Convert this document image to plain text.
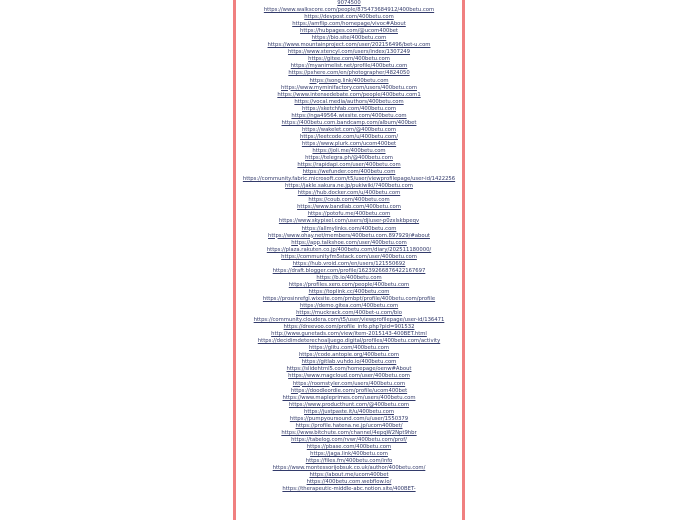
9074500
https://www.walkscore.com/people/875473684912/400betu.com
https://devpost.com/400betu.com
https://amflip.com/homepage/vivoc#About
https://hubpages.com/@ucom400bet
https://bio.site/400betu.com
https://www.mountainproject.com/user/202156496/bet-u.com
https://www.stencyl.com/users/index/1307249
https://gitee.com/400betu.com
https://myanimelist.net/profile/400betu.com
https://pxhere.com/en/photographer/4824050
https://song.link/400betu.com
https://www.myminifactory.com/users/400betu.com
https://www.intensedebate.com/people/400betu.com1
https://vocal.media/authors/400betu.com
https://sketchfab.com/400betu.com
https://nga49564.wixsite.com/400betu.com
https://400betu.com.bandcamp.com/album/400bet
https://wakelet.com/@400betu.com
https://leetcode.com/u/400betu.com/
https://www.plurk.com/ucom400bet
https://joli.me/400betu.com
https://telegra.ph/@400betu.com
https://rapidapi.com/user/400betu.com
https://wefunder.com/400betu.com
https://community.fabric.microsoft.com/t5/user/viewprofilepage/user-id/1422256
https://jakle.sakura.ne.jp/pukiwiki/?400betu.com
https://hub.docker.com/u/400betu.com
https://coub.com/400betu.com
https://www.bandlab.com/400betu.com
https://potofu.me/400betu.com
https://www.skypixel.com/users/djiuser-p0zxlskbpeqv
https://allmylinks.com/400betu.com
https://www.ohay.net/members/400betu.com.897929/#about
https://app.talkshoe.com/user/400betu.com
https://plaza.rakuten.co.jp/400betu.com/diary/202511180000/
https://communityfm5stack.com/user/400betu.com
https://hub.vroid.com/en/users/121550692
https://draft.blogger.com/profile/16239266876422167697
https://b.io/400betu.com
https://profiles.xero.com/people/400betu.com
https://toplink.cc/400betu.com
https://prosinrefgi.wixsite.com/pmbpt/profile/400betu.com/profile
https://demo.gitea.com/400betu.com
https://muckrack.com/400bet-u.com/bio
https://community.cloudera.com/t5/user/viewprofilepage/user-id/136471
https://dreevoo.com/profile_info.php?pid=901532
http://www.gunetads.com/view/item-2015143-400BET.html
https://decidimdeterechoaljuego.digital/profiles/400betu.com/activity
https://glitu.com/400betu.com
https://code.antopie.org/400betu.com
https://gitlab.vuhdo.io/400betu.com
https://slidehtml5.com/homepage/oenw#About
https://www.magcloud.com/user/400betu.com
https://roomstyler.com/users/400betu.com
https://doodleordie.com/profile/ucom400bet
https://www.mapleprimes.com/users/400betu.com
https://www.producthunt.com/@400betu.com
https://justpaste.it/u/400betu.com
https://pumpyoursound.com/u/user/1550379
https://profile.hatena.ne.jp/ucom400bet/
https://www.bitchute.com/channel/4epqW2Npt9hbr
https://tabelog.com/rvwr/400betu.com/prof/
https://pbase.com/400betu.com
https://jaga.link/400betu.com
https://files.fm/400betu.com/info
https://www.montessorijobsuk.co.uk/author/400betu.com/
https://about.me/ucom400bet
https://400betu.com.webflow.io/
https://therapeutic-middle-abc.notion.site/400BET-
